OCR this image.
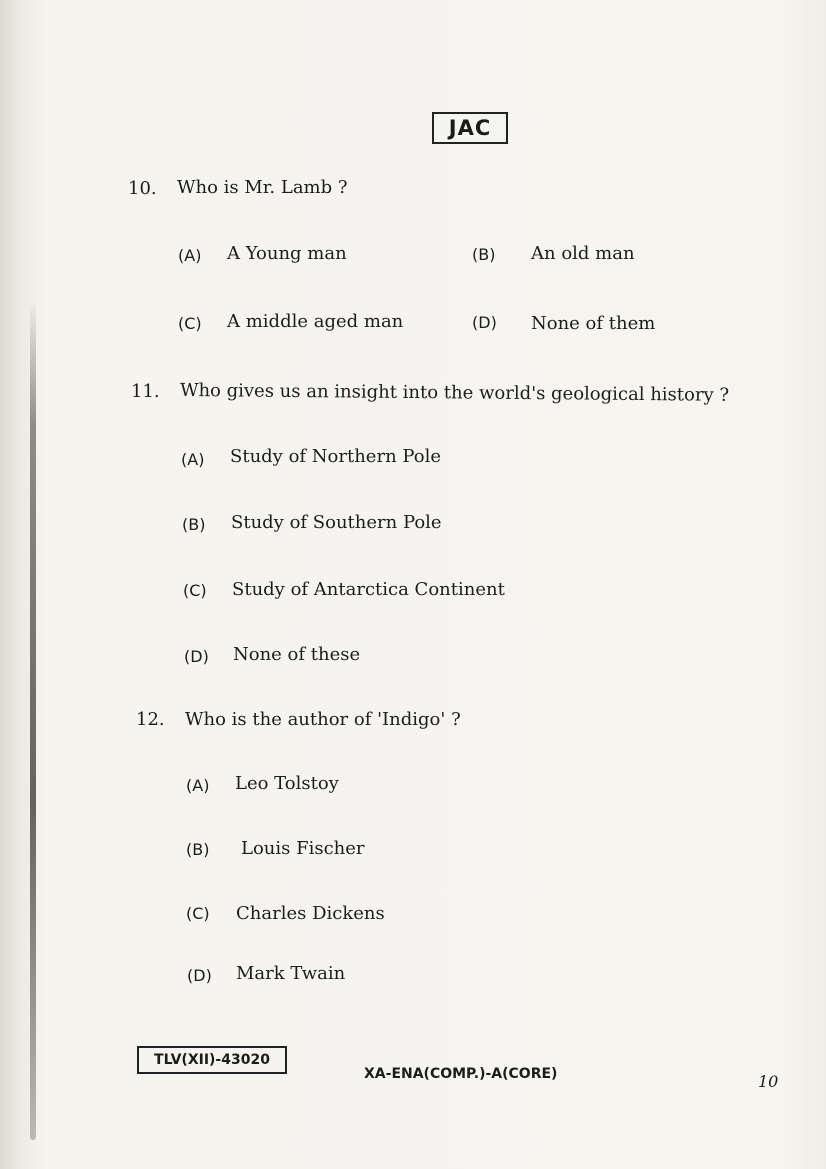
JAC
10. Who is Mr. Lamb ?
(A) A Young man	(B) An old man
(C) A middle aged man	(D) None of them
11. Who gives us an insight into the world's geological history ?
(A) Study of Northern Pole
(B) Study of Southern Pole
(C) Study of Antarctica Continent
(D) None of these
12. Who is the author of 'Indigo' ?
(A) Leo Tolstoy
(B) Louis Fischer
(C) Charles Dickens
(D) Mark Twain
TLV(XII)-43020
XA-ENA(COMP.)-A(CORE)	10
